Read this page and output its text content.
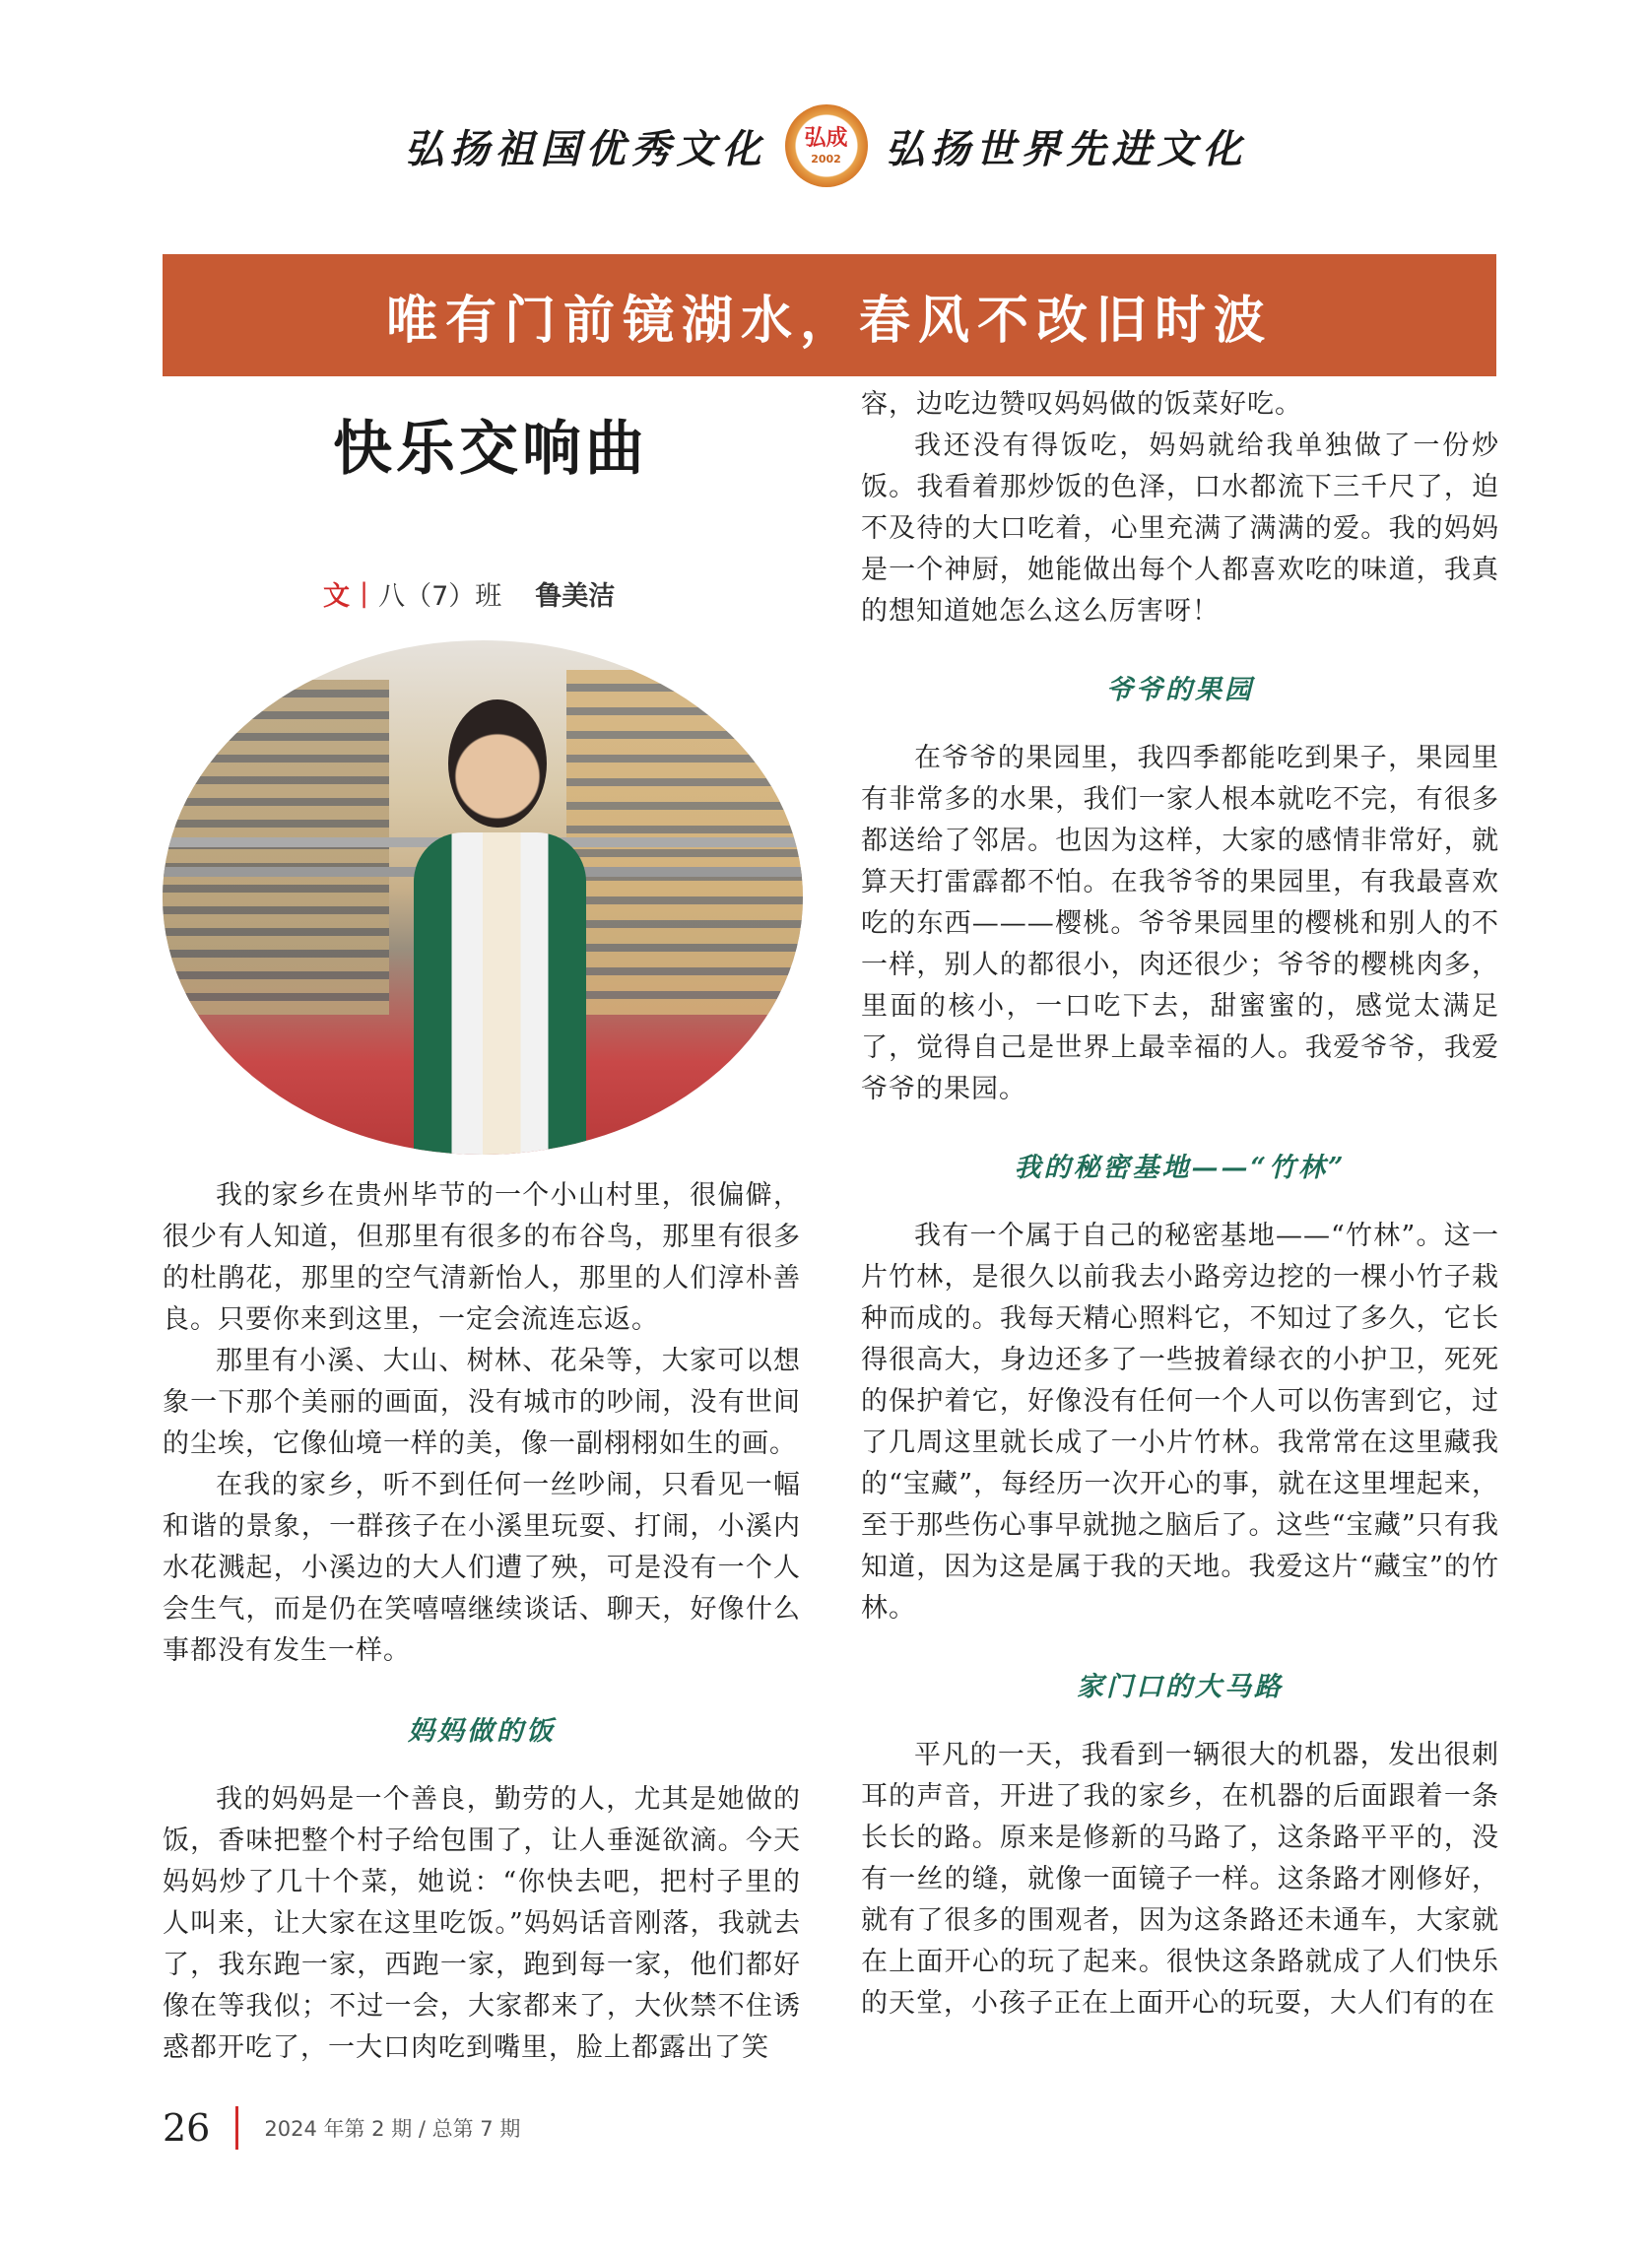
弘扬祖国优秀文化 弘成
2002 弘扬世界先进文化
唯有门前镜湖水，春风不改旧时波
快乐交响曲
文 | 八（7）班 鲁美洁

我的家乡在贵州毕节的一个小山村里，很偏僻，很少有人知道，但那里有很多的布谷鸟，那里有很多的杜鹃花，那里的空气清新怡人，那里的人们淳朴善良。只要你来到这里，一定会流连忘返。

那里有小溪、大山、树林、花朵等，大家可以想象一下那个美丽的画面，没有城市的吵闹，没有世间的尘埃，它像仙境一样的美，像一副栩栩如生的画。

在我的家乡，听不到任何一丝吵闹，只看见一幅和谐的景象，一群孩子在小溪里玩耍、打闹，小溪内水花溅起，小溪边的大人们遭了殃，可是没有一个人会生气，而是仍在笑嘻嘻继续谈话、聊天，好像什么事都没有发生一样。

妈妈做的饭

我的妈妈是一个善良，勤劳的人，尤其是她做的饭，香味把整个村子给包围了，让人垂涎欲滴。今天妈妈炒了几十个菜，她说：“你快去吧，把村子里的人叫来，让大家在这里吃饭。”妈妈话音刚落，我就去了，我东跑一家，西跑一家，跑到每一家，他们都好像在等我似；不过一会，大家都来了，大伙禁不住诱惑都开吃了，一大口肉吃到嘴里，脸上都露出了笑

容，边吃边赞叹妈妈做的饭菜好吃。

我还没有得饭吃，妈妈就给我单独做了一份炒饭。我看着那炒饭的色泽，口水都流下三千尺了，迫不及待的大口吃着，心里充满了满满的爱。我的妈妈是一个神厨，她能做出每个人都喜欢吃的味道，我真的想知道她怎么这么厉害呀！

爷爷的果园

在爷爷的果园里，我四季都能吃到果子，果园里有非常多的水果，我们一家人根本就吃不完，有很多都送给了邻居。也因为这样，大家的感情非常好，就算天打雷霹都不怕。在我爷爷的果园里，有我最喜欢吃的东西———樱桃。爷爷果园里的樱桃和别人的不一样，别人的都很小，肉还很少；爷爷的樱桃肉多，里面的核小，一口吃下去，甜蜜蜜的，感觉太满足了，觉得自己是世界上最幸福的人。我爱爷爷，我爱爷爷的果园。

我的秘密基地——“竹林”

我有一个属于自己的秘密基地——“竹林”。这一片竹林，是很久以前我去小路旁边挖的一棵小竹子栽种而成的。我每天精心照料它，不知过了多久，它长得很高大，身边还多了一些披着绿衣的小护卫，死死的保护着它，好像没有任何一个人可以伤害到它，过了几周这里就长成了一小片竹林。我常常在这里藏我的“宝藏”，每经历一次开心的事，就在这里埋起来，至于那些伤心事早就抛之脑后了。这些“宝藏”只有我知道，因为这是属于我的天地。我爱这片“藏宝”的竹林。

家门口的大马路

平凡的一天，我看到一辆很大的机器，发出很刺耳的声音，开进了我的家乡，在机器的后面跟着一条长长的路。原来是修新的马路了，这条路平平的，没有一丝的缝，就像一面镜子一样。这条路才刚修好，就有了很多的围观者，因为这条路还未通车，大家就在上面开心的玩了起来。很快这条路就成了人们快乐的天堂，小孩子正在上面开心的玩耍，大人们有的在

26	2024 年第 2 期 / 总第 7 期
